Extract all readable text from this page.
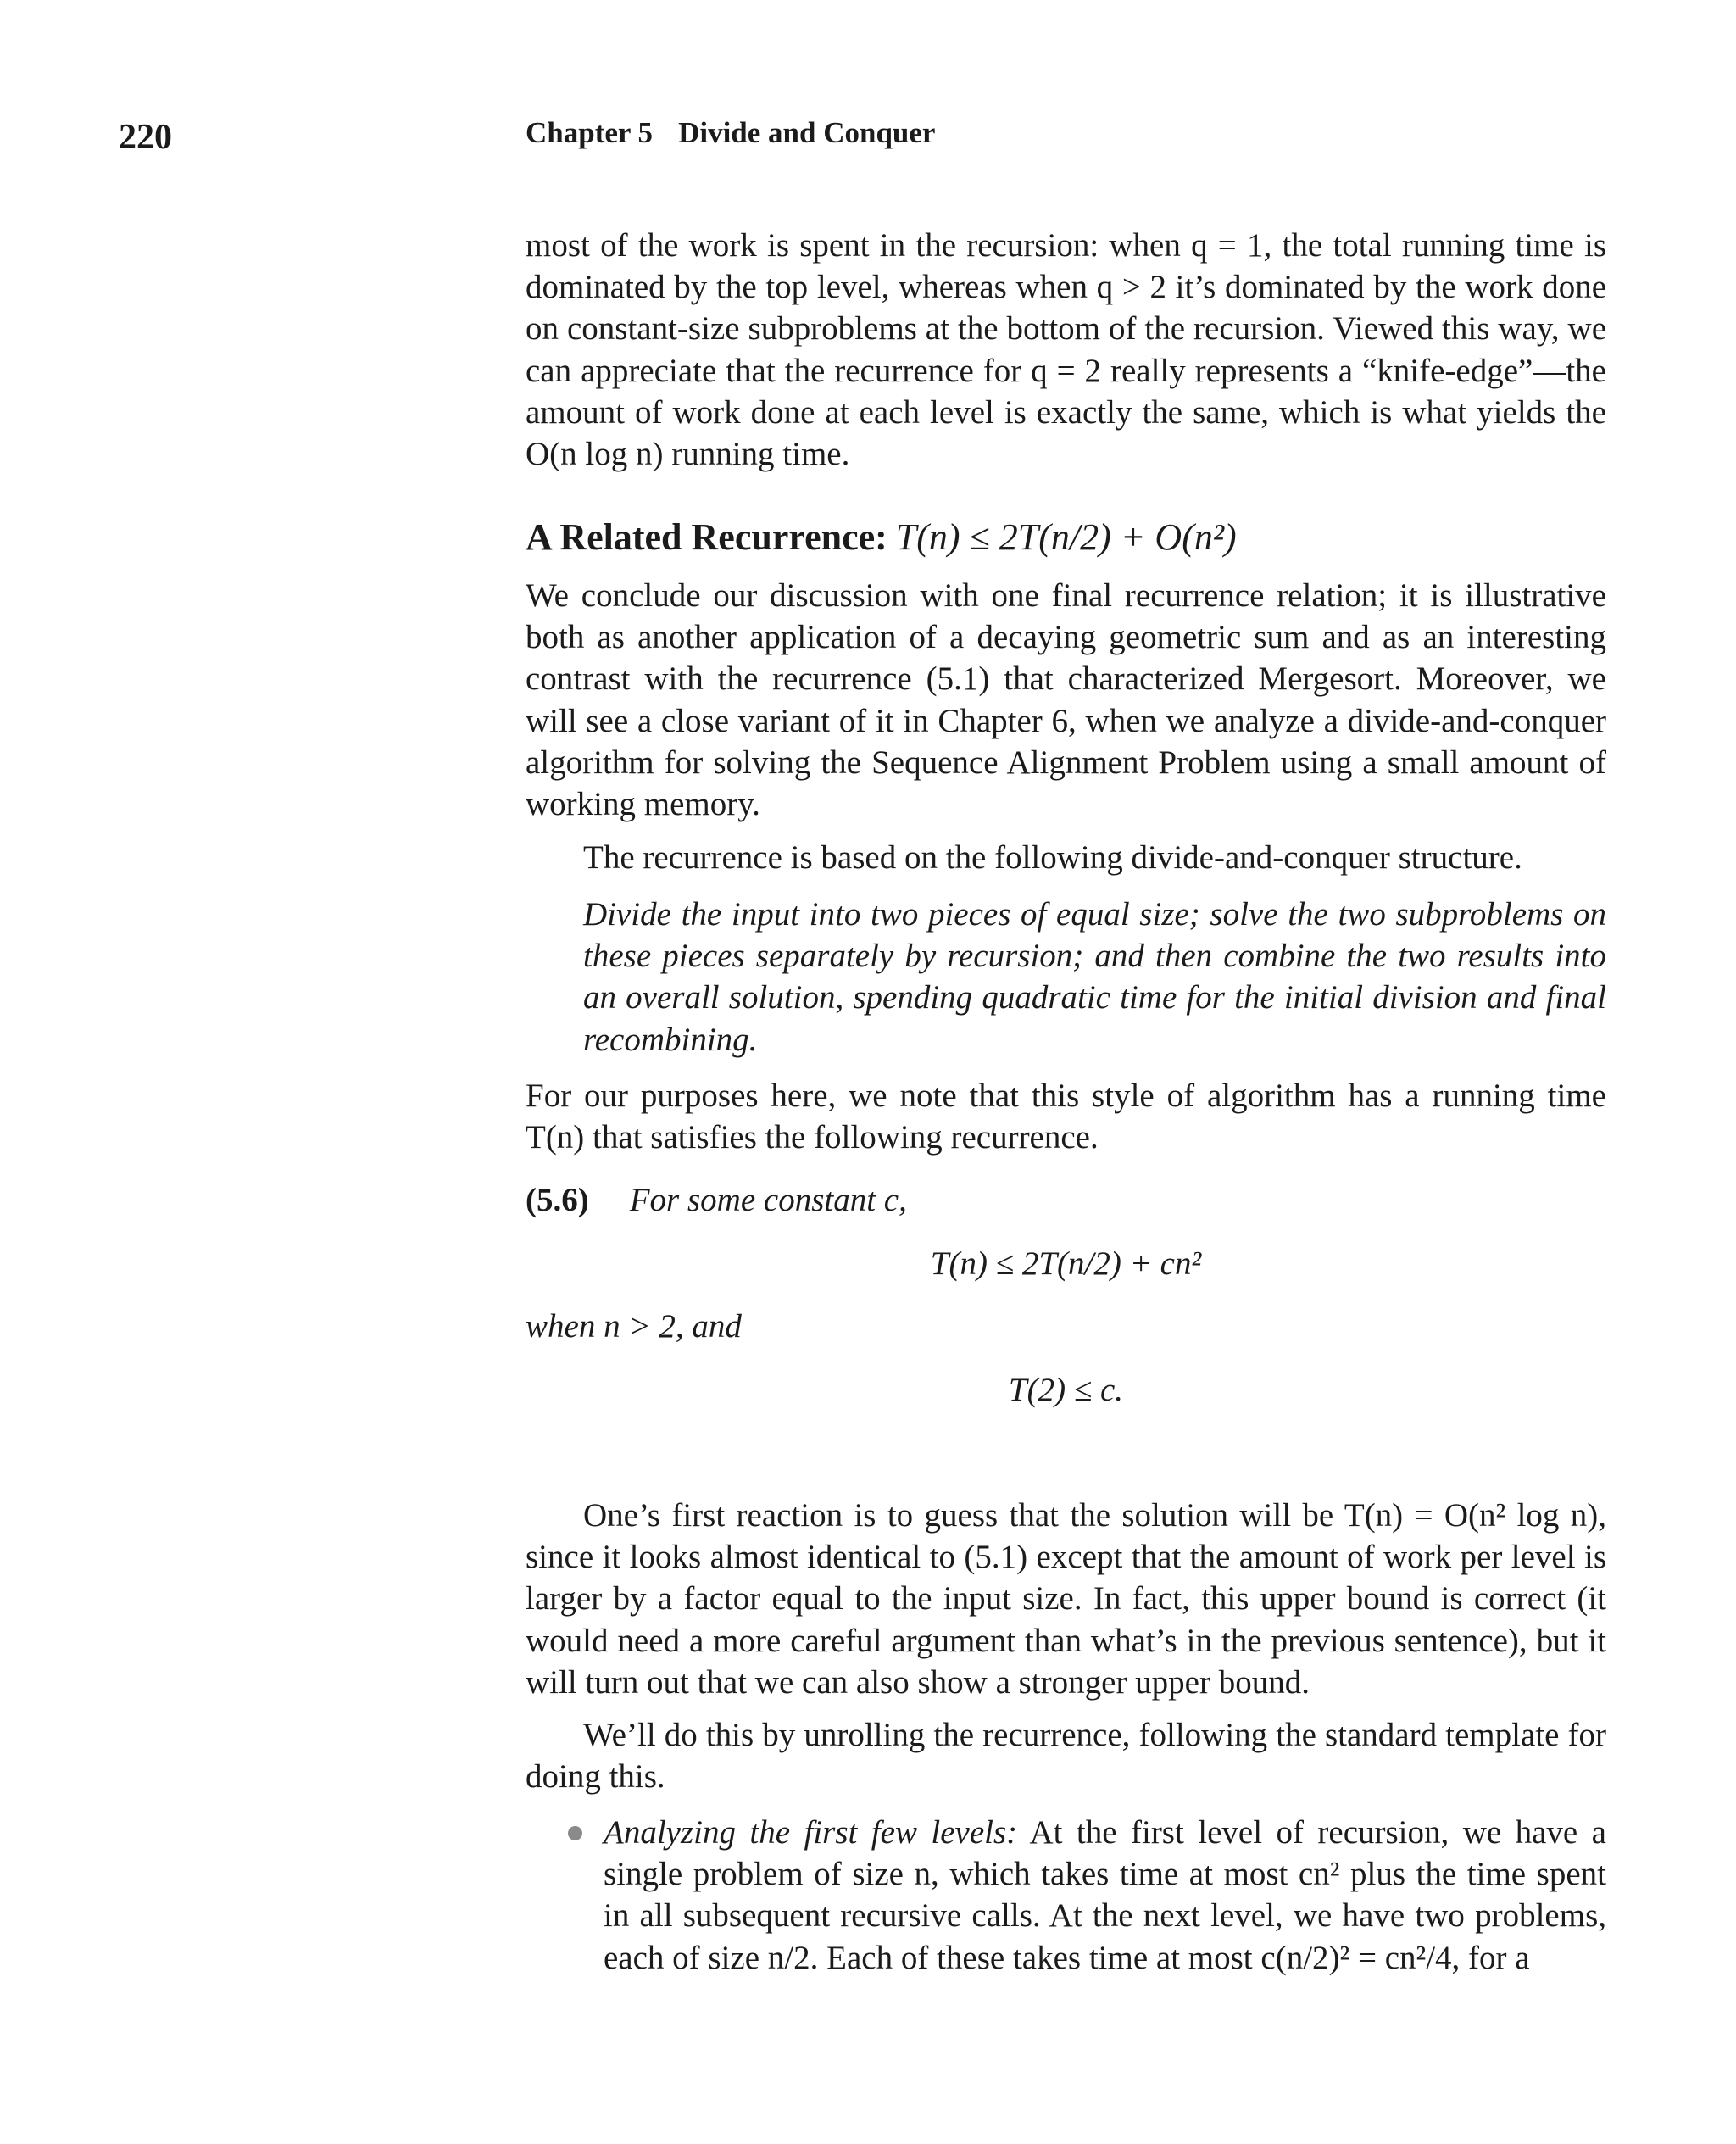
220	Chapter 5 Divide and Conquer

most of the work is spent in the recursion: when q = 1, the total running time is dominated by the top level, whereas when q > 2 it’s dominated by the work done on constant-size subproblems at the bottom of the recursion. Viewed this way, we can appreciate that the recurrence for q = 2 really represents a “knife-edge”—the amount of work done at each level is exactly the same, which is what yields the O(n log n) running time.

A Related Recurrence: T(n) ≤ 2T(n/2) + O(n²)

We conclude our discussion with one final recurrence relation; it is illustrative both as another application of a decaying geometric sum and as an interesting contrast with the recurrence (5.1) that characterized Mergesort. Moreover, we will see a close variant of it in Chapter 6, when we analyze a divide-and-conquer algorithm for solving the Sequence Alignment Problem using a small amount of working memory.

The recurrence is based on the following divide-and-conquer structure.

Divide the input into two pieces of equal size; solve the two subproblems on these pieces separately by recursion; and then combine the two results into an overall solution, spending quadratic time for the initial division and final recombining.

For our purposes here, we note that this style of algorithm has a running time T(n) that satisfies the following recurrence.

(5.6) For some constant c,
T(n) ≤ 2T(n/2) + cn²
when n > 2, and
T(2) ≤ c.

One’s first reaction is to guess that the solution will be T(n) = O(n² log n), since it looks almost identical to (5.1) except that the amount of work per level is larger by a factor equal to the input size. In fact, this upper bound is correct (it would need a more careful argument than what’s in the previous sentence), but it will turn out that we can also show a stronger upper bound.

We’ll do this by unrolling the recurrence, following the standard template for doing this.

Analyzing the first few levels: At the first level of recursion, we have a single problem of size n, which takes time at most cn² plus the time spent in all subsequent recursive calls. At the next level, we have two problems, each of size n/2. Each of these takes time at most c(n/2)² = cn²/4, for a
